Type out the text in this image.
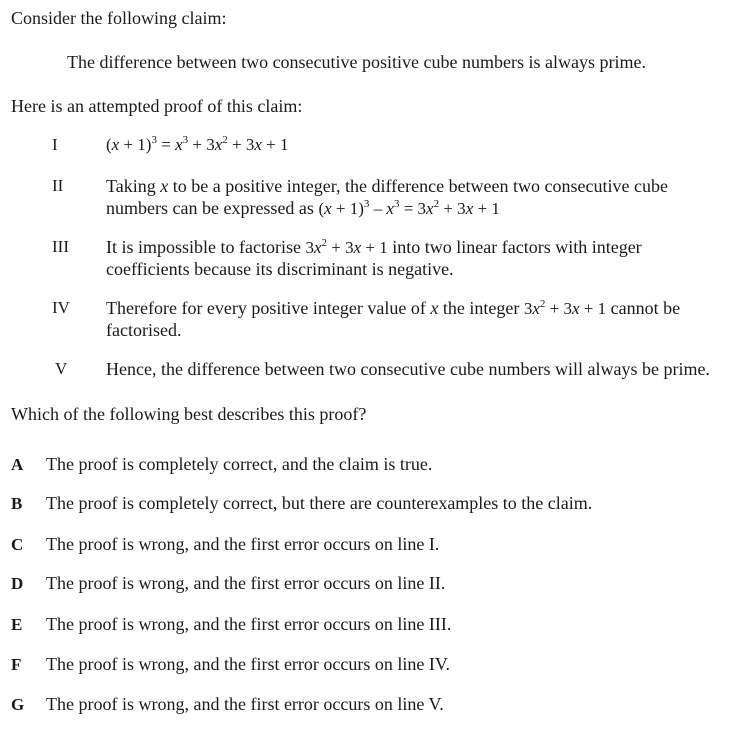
Consider the following claim:
The difference between two consecutive positive cube numbers is always prime.
Here is an attempted proof of this claim:
I	$(x + 1)^3 = x^3 + 3x^2 + 3x + 1$
II Taking x to be a positive integer, the difference between two consecutive cube
numbers can be expressed as $(x + 1)^3 - x^3 = 3x^2 + 3x + 1$
III It is impossible to factorise $3x^2 + 3x + 1$ into two linear factors with integer
coefficients because its discriminant is negative.
IV Therefore for every positive integer value of x the integer $3x^2 + 3x + 1$ cannot be
factorised.
V Hence, the difference between two consecutive cube numbers will always be prime.
Which of the following best describes this proof?
A The proof is completely correct, and the claim is true.
B The proof is completely correct, but there are counterexamples to the claim.
C The proof is wrong, and the first error occurs on line I.
D The proof is wrong, and the first error occurs on line II.
E The proof is wrong, and the first error occurs on line III.
F The proof is wrong, and the first error occurs on line IV.
G The proof is wrong, and the first error occurs on line V.
